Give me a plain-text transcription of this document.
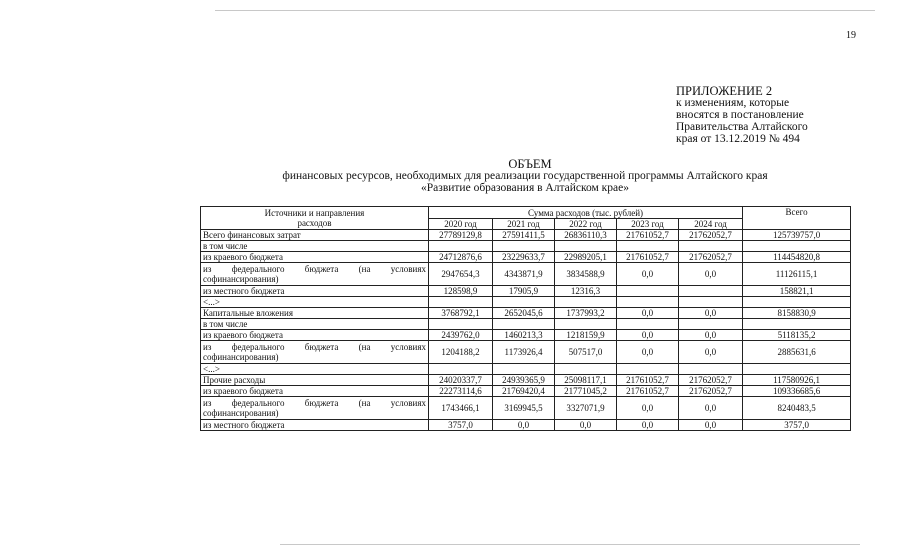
19
ПРИЛОЖЕНИЕ 2
к изменениям, которые
вносятся в постановление
Правительства Алтайского
края от 13.12.2019 № 494
ОБЪЕМ
финансовых ресурсов, необходимых для реализации государственной программы Алтайского края
«Развитие образования в Алтайском крае»
Источники и направления
расходов	Сумма расходов (тыс. рублей)					Всего
	2020 год	2021 год	2022 год	2023 год	2024 год	
Всего финансовых затрат	27789129,8	27591411,5	26836110,3	21761052,7	21762052,7	125739757,0
в том числе						
из краевого бюджета	24712876,6	23229633,7	22989205,1	21761052,7	21762052,7	114454820,8
из федерального бюджета (на условиях софинансирования)	2947654,3	4343871,9	3834588,9	0,0	0,0	11126115,1
из местного бюджета	128598,9	17905,9	12316,3			158821,1
<...>						
Капитальные вложения	3768792,1	2652045,6	1737993,2	0,0	0,0	8158830,9
в том числе						
из краевого бюджета	2439762,0	1460213,3	1218159,9	0,0	0,0	5118135,2
из федерального бюджета (на условиях софинансирования)	1204188,2	1173926,4	507517,0	0,0	0,0	2885631,6
<...>						
Прочие расходы	24020337,7	24939365,9	25098117,1	21761052,7	21762052,7	117580926,1
из краевого бюджета	22273114,6	21769420,4	21771045,2	21761052,7	21762052,7	109336685,6
из федерального бюджета (на условиях софинансирования)	1743466,1	3169945,5	3327071,9	0,0	0,0	8240483,5
из местного бюджета	3757,0	0,0	0,0	0,0	0,0	3757,0
